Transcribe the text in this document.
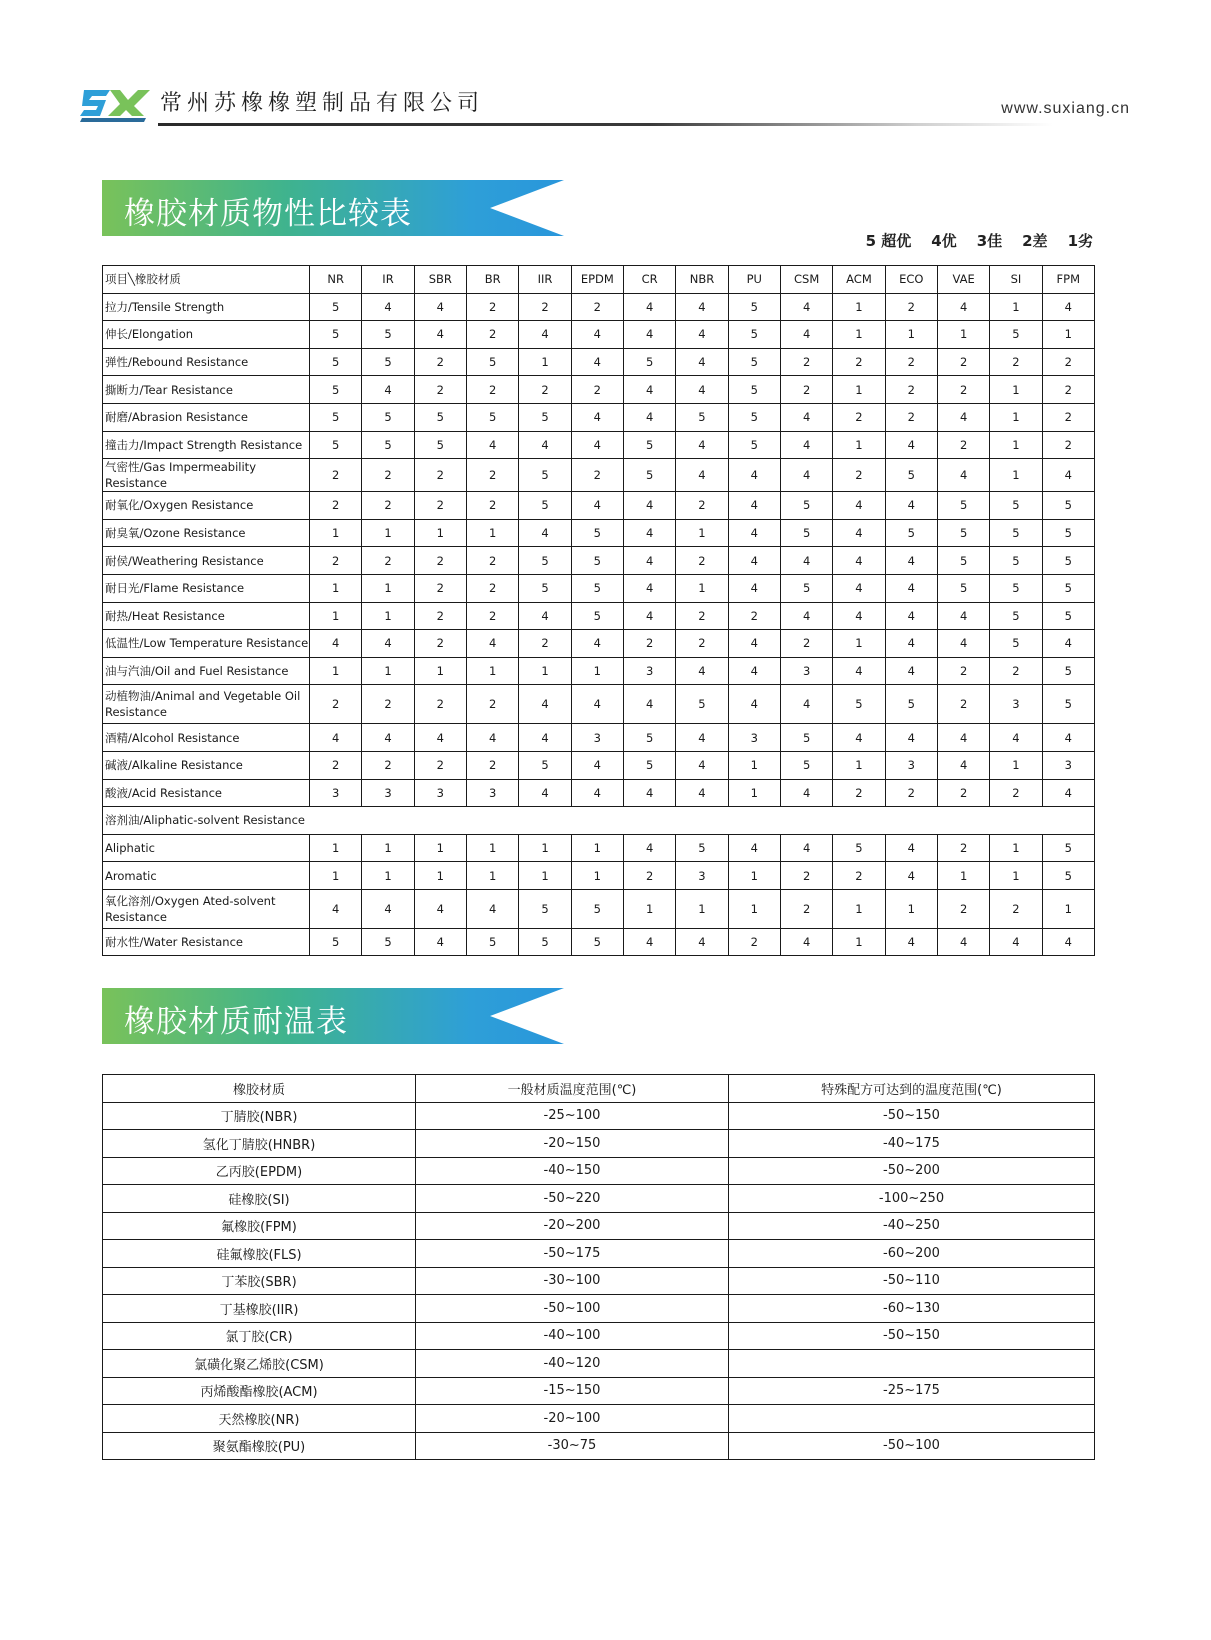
常州苏橡橡塑制品有限公司	www.suxiang.cn
橡胶材质物性比较表
5 超优 4优 3佳 2差 1劣
项目╲橡胶材质	NR	IR	SBR	BR	IIR	EPDM	CR	NBR	PU	CSM	ACM	ECO	VAE	SI	FPM
拉力/Tensile Strength	5	4	4	2	2	2	4	4	5	4	1	2	4	1	4
伸长/Elongation	5	5	4	2	4	4	4	4	5	4	1	1	1	5	1
弹性/Rebound Resistance	5	5	2	5	1	4	5	4	5	2	2	2	2	2	2
撕断力/Tear Resistance	5	4	2	2	2	2	4	4	5	2	1	2	2	1	2
耐磨/Abrasion Resistance	5	5	5	5	5	4	4	5	5	4	2	2	4	1	2
撞击力/Impact Strength Resistance	5	5	5	4	4	4	5	4	5	4	1	4	2	1	2
气密性/Gas Impermeability Resistance	2	2	2	2	5	2	5	4	4	4	2	5	4	1	4
耐氧化/Oxygen Resistance	2	2	2	2	5	4	4	2	4	5	4	4	5	5	5
耐臭氧/Ozone Resistance	1	1	1	1	4	5	4	1	4	5	4	5	5	5	5
耐侯/Weathering Resistance	2	2	2	2	5	5	4	2	4	4	4	4	5	5	5
耐日光/Flame Resistance	1	1	2	2	5	5	4	1	4	5	4	4	5	5	5
耐热/Heat Resistance	1	1	2	2	4	5	4	2	2	4	4	4	4	5	5
低温性/Low Temperature Resistance	4	4	2	4	2	4	2	2	4	2	1	4	4	5	4
油与汽油/Oil and Fuel Resistance	1	1	1	1	1	1	3	4	4	3	4	4	2	2	5
动植物油/Animal and Vegetable Oil Resistance	2	2	2	2	4	4	4	5	4	4	5	5	2	3	5
酒精/Alcohol Resistance	4	4	4	4	4	3	5	4	3	5	4	4	4	4	4
碱液/Alkaline Resistance	2	2	2	2	5	4	5	4	1	5	1	3	4	1	3
酸液/Acid Resistance	3	3	3	3	4	4	4	4	1	4	2	2	2	2	4
溶剂油/Aliphatic-solvent Resistance															
Aliphatic	1	1	1	1	1	1	4	5	4	4	5	4	2	1	5
Aromatic	1	1	1	1	1	1	2	3	1	2	2	4	1	1	5
氧化溶剂/Oxygen Ated-solvent Resistance	4	4	4	4	5	5	1	1	1	2	1	1	2	2	1
耐水性/Water Resistance	5	5	4	5	5	5	4	4	2	4	1	4	4	4	4
橡胶材质耐温表
橡胶材质	一般材质温度范围(℃)	特殊配方可达到的温度范围(℃)
丁腈胶(NBR)	-25~100	-50~150
氢化丁腈胶(HNBR)	-20~150	-40~175
乙丙胶(EPDM)	-40~150	-50~200
硅橡胶(SI)	-50~220	-100~250
氟橡胶(FPM)	-20~200	-40~250
硅氟橡胶(FLS)	-50~175	-60~200
丁苯胶(SBR)	-30~100	-50~110
丁基橡胶(IIR)	-50~100	-60~130
氯丁胶(CR)	-40~100	-50~150
氯磺化聚乙烯胶(CSM)	-40~120	
丙烯酸酯橡胶(ACM)	-15~150	-25~175
天然橡胶(NR)	-20~100	
聚氨酯橡胶(PU)	-30~75	-50~100
